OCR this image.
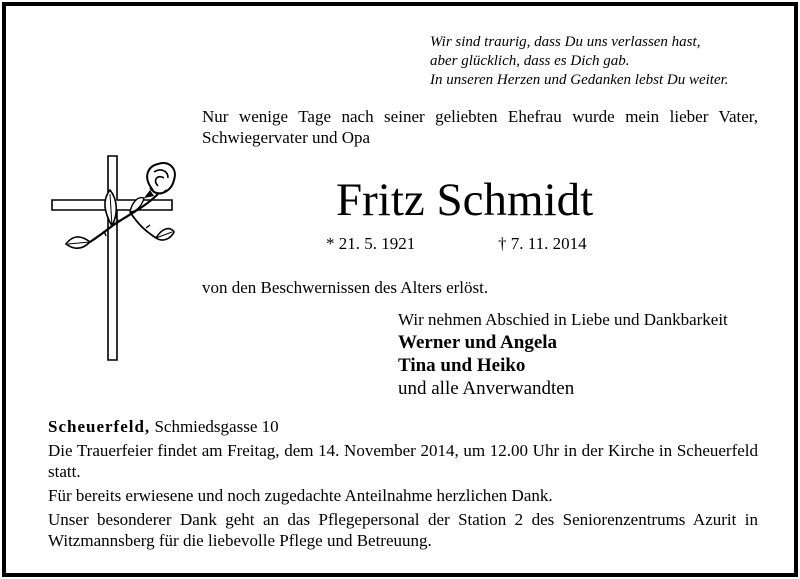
Wir sind traurig, dass Du uns verlassen hast,
aber glücklich, dass es Dich gab.
In unseren Herzen und Gedanken lebst Du weiter.
Nur wenige Tage nach seiner geliebten Ehefrau wurde mein lieber Vater, Schwiegervater und Opa
Fritz Schmidt
* 21. 5. 1921	† 7. 11. 2014
von den Beschwernissen des Alters erlöst.
Wir nehmen Abschied in Liebe und Dankbarkeit
Werner und Angela
Tina und Heiko
und alle Anverwandten

Scheuerfeld, Schmiedsgasse 10

Die Trauerfeier findet am Freitag, dem 14. November 2014, um 12.00 Uhr in der Kirche in Scheuerfeld statt.

Für bereits erwiesene und noch zugedachte Anteilnahme herzlichen Dank.

Unser besonderer Dank geht an das Pflegepersonal der Station 2 des Seniorenzentrums Azurit in Witzmannsberg für die liebevolle Pflege und Betreuung.
